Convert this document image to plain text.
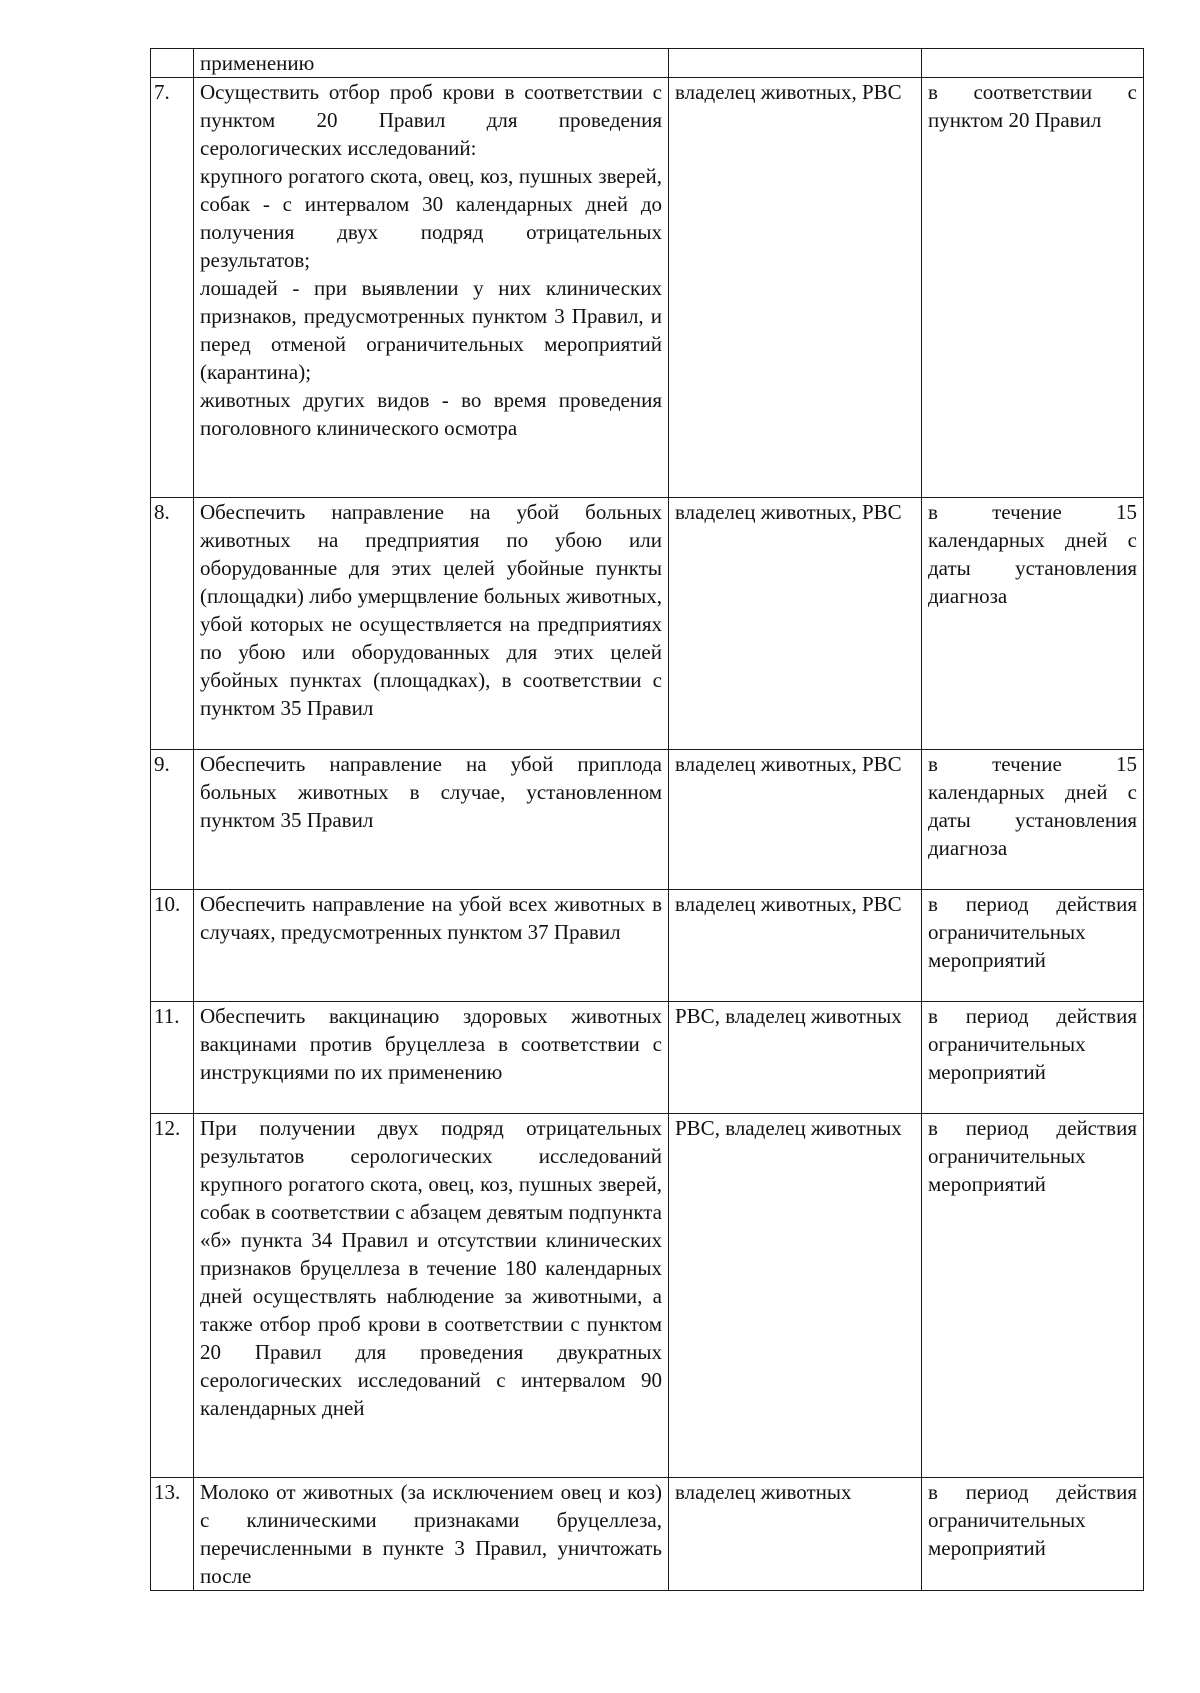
	применению		

7.	Осуществить отбор проб крови в соответствии с пунктом 20 Правил для проведения серологических исследований:

крупного рогатого скота, овец, коз, пушных зверей, собак - с интервалом 30 календарных дней до получения двух подряд отрицательных результатов;

лошадей - при выявлении у них клинических признаков, предусмотренных пунктом 3 Правил, и перед отменой ограничительных мероприятий (карантина);

животных других видов - во время проведения поголовного клинического осмотра	владелец животных, РВС	в соответствии с пунктом 20 Правил

8.	Обеспечить направление на убой больных животных на предприятия по убою или оборудованные для этих целей убойные пункты (площадки) либо умерщвление больных животных, убой которых не осуществляется на предприятиях по убою или оборудованных для этих целей убойных пунктах (площадках), в соответствии с пунктом 35 Правил	владелец животных, РВС	в течение 15 календарных дней с даты установления диагноза

9.	Обеспечить направление на убой приплода больных животных в случае, установленном пунктом 35 Правил	владелец животных, РВС	в течение 15 календарных дней с даты установления диагноза

10.	Обеспечить направление на убой всех животных в случаях, предусмотренных пунктом 37 Правил	владелец животных, РВС	в период действия ограничительных мероприятий

11.	Обеспечить вакцинацию здоровых животных вакцинами против бруцеллеза в соответствии с инструкциями по их применению	РВС, владелец животных	в период действия ограничительных мероприятий

12.	При получении двух подряд отрицательных результатов серологических исследований крупного рогатого скота, овец, коз, пушных зверей, собак в соответствии с абзацем девятым подпункта «б» пункта 34 Правил и отсутствии клинических признаков бруцеллеза в течение 180 календарных дней осуществлять наблюдение за животными, а также отбор проб крови в соответствии с пунктом 20 Правил для проведения двукратных серологических исследований с интервалом 90 календарных дней	РВС, владелец животных	в период действия ограничительных мероприятий

13.	Молоко от животных (за исключением овец и коз) с клиническими признаками бруцеллеза, перечисленными в пункте 3 Правил, уничтожать после	владелец животных	в период действия ограничительных мероприятий
